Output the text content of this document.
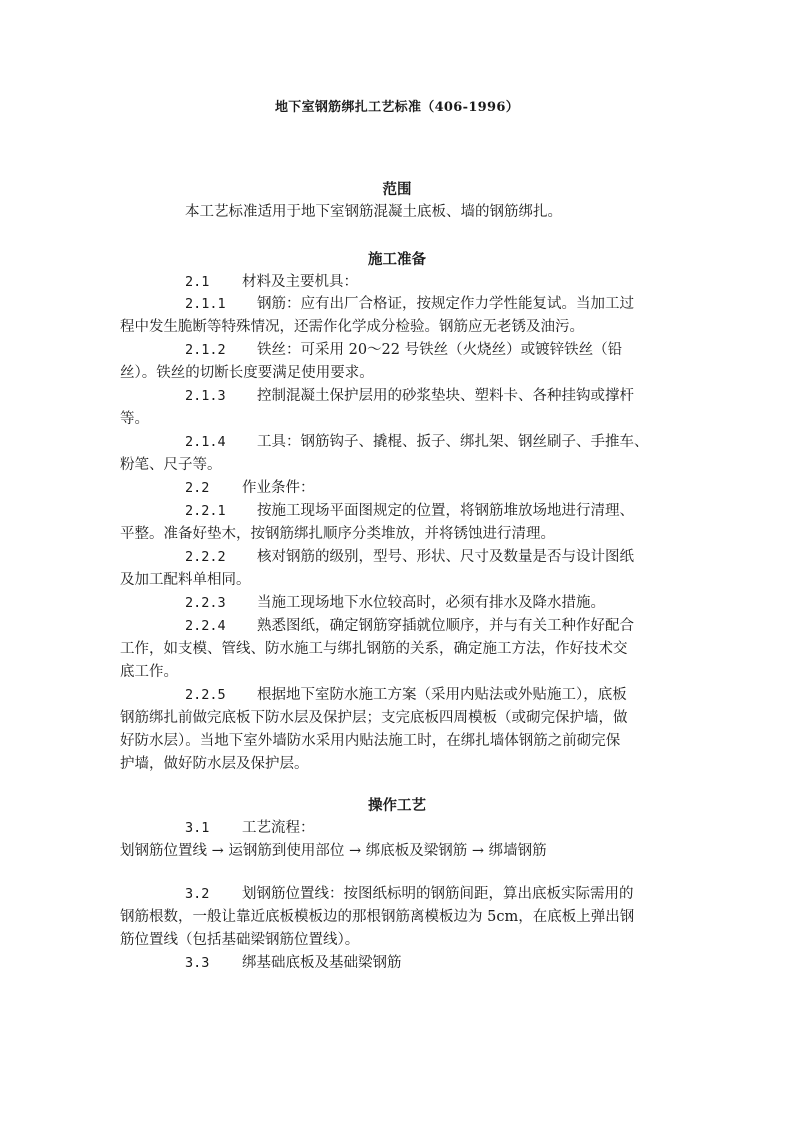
地下室钢筋绑扎工艺标准（406-1996）
范围
本工艺标准适用于地下室钢筋混凝土底板、墙的钢筋绑扎。
施工准备
2.1 材料及主要机具：
2.1.1 钢筋：应有出厂合格证，按规定作力学性能复试。当加工过
程中发生脆断等特殊情况，还需作化学成分检验。钢筋应无老锈及油污。
2.1.2 铁丝：可采用 20～22 号铁丝（火烧丝）或镀锌铁丝（铅
丝）。铁丝的切断长度要满足使用要求。
2.1.3 控制混凝土保护层用的砂浆垫块、塑料卡、各种挂钩或撑杆
等。
2.1.4 工具：钢筋钩子、撬棍、扳子、绑扎架、钢丝刷子、手推车、
粉笔、尺子等。
2.2 作业条件：
2.2.1 按施工现场平面图规定的位置，将钢筋堆放场地进行清理、
平整。准备好垫木，按钢筋绑扎顺序分类堆放，并将锈蚀进行清理。
2.2.2 核对钢筋的级别，型号、形状、尺寸及数量是否与设计图纸
及加工配料单相同。
2.2.3 当施工现场地下水位较高时，必须有排水及降水措施。
2.2.4 熟悉图纸，确定钢筋穿插就位顺序，并与有关工种作好配合
工作，如支模、管线、防水施工与绑扎钢筋的关系，确定施工方法，作好技术交
底工作。
2.2.5 根据地下室防水施工方案（采用内贴法或外贴施工），底板
钢筋绑扎前做完底板下防水层及保护层；支完底板四周模板（或砌完保护墙，做
好防水层）。当地下室外墙防水采用内贴法施工时，在绑扎墙体钢筋之前砌完保
护墙，做好防水层及保护层。
操作工艺
3.1 工艺流程：
划钢筋位置线 → 运钢筋到使用部位 → 绑底板及梁钢筋 → 绑墙钢筋
3.2 划钢筋位置线：按图纸标明的钢筋间距，算出底板实际需用的
钢筋根数，一般让靠近底板模板边的那根钢筋离模板边为 5cm，在底板上弹出钢
筋位置线（包括基础梁钢筋位置线）。
3.3 绑基础底板及基础梁钢筋
